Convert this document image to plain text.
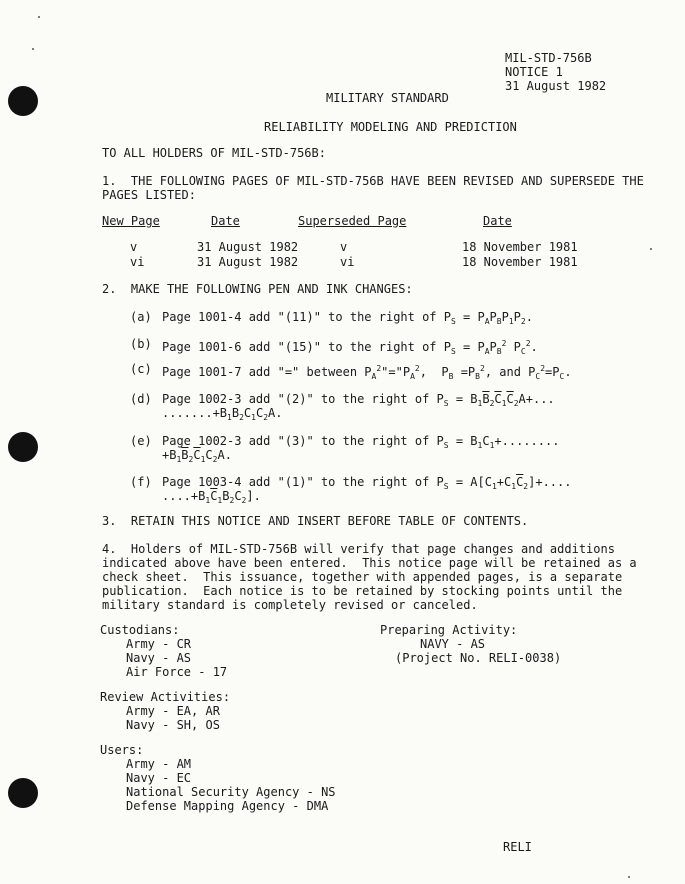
MIL-STD-756B
NOTICE 1
31 August 1982
MILITARY STANDARD
RELIABILITY MODELING AND PREDICTION
TO ALL HOLDERS OF MIL-STD-756B:
1.  THE FOLLOWING PAGES OF MIL-STD-756B HAVE BEEN REVISED AND SUPERSEDE THE
PAGES LISTED:
New Page	Date	Superseded Page	Date
v	31 August 1982	v	18 November 1981
vi	31 August 1982	vi	18 November 1981
2.  MAKE THE FOLLOWING PEN AND INK CHANGES:
(a) Page 1001-4 add "(11)" to the right of $P_S = P_AP_BP_1P_2$.
(b) Page 1001-6 add "(15)" to the right of $P_S = P_AP_B^2$ $P_C^2$.
(c) Page 1001-7 add "=" between $P_A^2"="P_A^2$,  $P_B =P_B^2$, and $P_C^2=P_C$.
(d) Page 1002-3 add "(2)" to the right of $P_S = B_1\overline{B}_2\overline{C}_1\overline{C}_2A+$...
$.......+B_1B_2C_1C_2A$.
(e) Page 1002-3 add "(3)" to the right of $P_S = B_1C_1+$........
$+B_1\overline{B}_2\overline{C}_1C_2A$.
(f) Page 1003-4 add "(1)" to the right of $P_S = A[C_1+C_1\overline{C}_2]+$....
$....+B_1\overline{C}_1B_2C_2$].
3.  RETAIN THIS NOTICE AND INSERT BEFORE TABLE OF CONTENTS.
4.  Holders of MIL-STD-756B will verify that page changes and additions
indicated above have been entered.  This notice page will be retained as a
check sheet.  This issuance, together with appended pages, is a separate
publication.  Each notice is to be retained by stocking points until the
military standard is completely revised or canceled.
Custodians:
Army - CR
Navy - AS
Air Force - 17
Preparing Activity:
NAVY - AS
(Project No. RELI-0038)
Review Activities:
Army - EA, AR
Navy - SH, OS
Users:
Army - AM
Navy - EC
National Security Agency - NS
Defense Mapping Agency - DMA
RELI
